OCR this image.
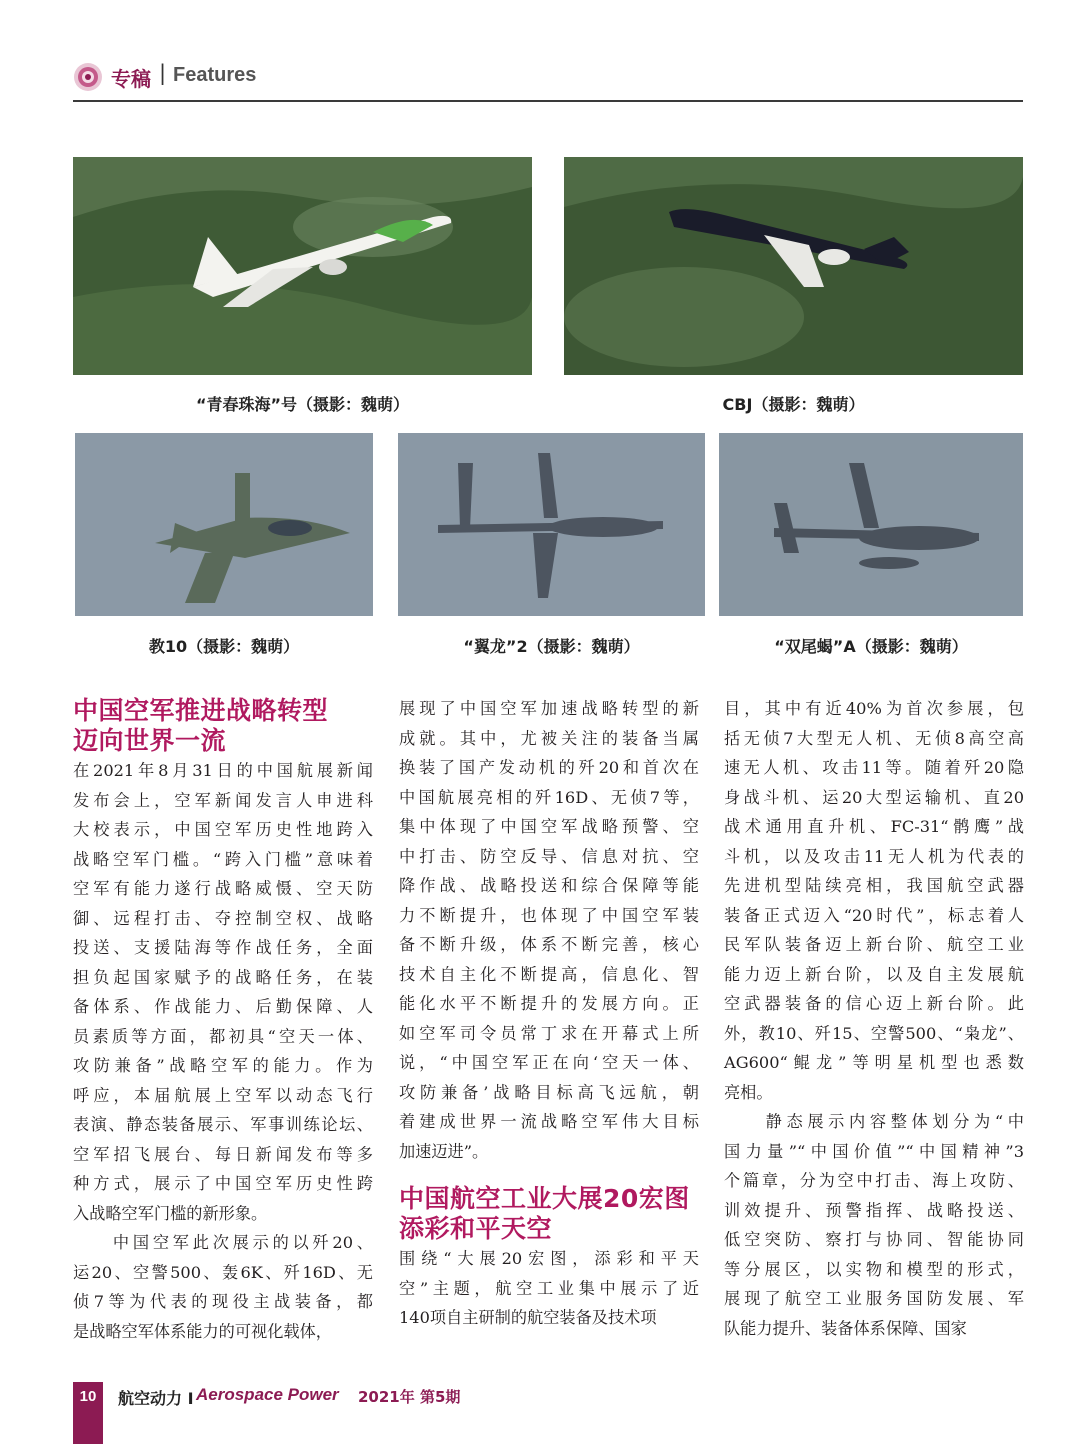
专稿 | Features
“青春珠海”号（摄影：魏萌）	CBJ（摄影：魏萌）
教10（摄影：魏萌）	“翼龙”2（摄影：魏萌）	“双尾蝎”A（摄影：魏萌）
中国空军推进战略转型
迈向世界一流
在2021年8月31日的中国航展新闻
发布会上，空军新闻发言人申进科
大校表示，中国空军历史性地跨入
战略空军门槛。“跨入门槛”意味着
空军有能力遂行战略威慑、空天防
御、远程打击、夺控制空权、战略
投送、支援陆海等作战任务，全面
担负起国家赋予的战略任务，在装
备体系、作战能力、后勤保障、人
员素质等方面，都初具“空天一体、
攻防兼备”战略空军的能力。作为
呼应，本届航展上空军以动态飞行
表演、静态装备展示、军事训练论坛、
空军招飞展台、每日新闻发布等多
种方式，展示了中国空军历史性跨
入战略空军门槛的新形象。
　　中国空军此次展示的以歼20、
运20、空警500、轰6K、歼16D、无
侦7等为代表的现役主战装备，都
是战略空军体系能力的可视化载体，
展现了中国空军加速战略转型的新
成就。其中，尤被关注的装备当属
换装了国产发动机的歼20和首次在
中国航展亮相的歼16D、无侦7等，
集中体现了中国空军战略预警、空
中打击、防空反导、信息对抗、空
降作战、战略投送和综合保障等能
力不断提升，也体现了中国空军装
备不断升级，体系不断完善，核心
技术自主化不断提高，信息化、智
能化水平不断提升的发展方向。正
如空军司令员常丁求在开幕式上所
说，“中国空军正在向‘空天一体、
攻防兼备’战略目标高飞远航，朝
着建成世界一流战略空军伟大目标
加速迈进”。
中国航空工业大展20宏图
添彩和平天空
围绕“大展20宏图，添彩和平天
空”主题，航空工业集中展示了近
140项自主研制的航空装备及技术项
目，其中有近40%为首次参展，包
括无侦7大型无人机、无侦8高空高
速无人机、攻击11等。随着歼20隐
身战斗机、运20大型运输机、直20
战术通用直升机、FC-31“鹘鹰”战
斗机，以及攻击11无人机为代表的
先进机型陆续亮相，我国航空武器
装备正式迈入“20时代”，标志着人
民军队装备迈上新台阶、航空工业
能力迈上新台阶，以及自主发展航
空武器装备的信心迈上新台阶。此
外，教10、歼15、空警500、“枭龙”、
AG600“鲲龙”等明星机型也悉数
亮相。
　　静态展示内容整体划分为“中
国力量”“中国价值”“中国精神”3
个篇章，分为空中打击、海上攻防、
训效提升、预警指挥、战略投送、
低空突防、察打与协同、智能协同
等分展区，以实物和模型的形式，
展现了航空工业服务国防发展、军
队能力提升、装备体系保障、国家
10	航空动力 I Aerospace Power 2021年 第5期
